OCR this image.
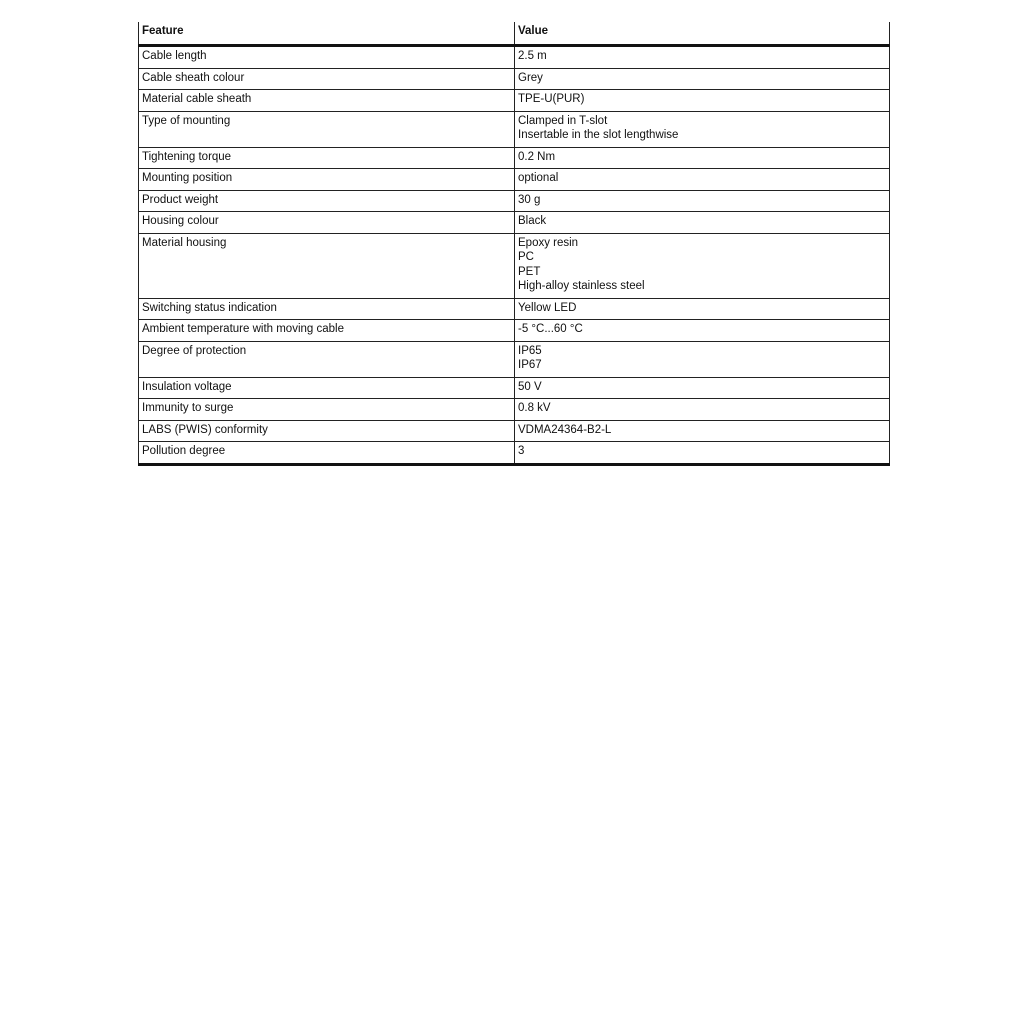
Feature	Value
Cable length	2.5 m

Cable sheath colour	Grey

Material cable sheath	TPE-U(PUR)

Type of mounting	Clamped in T-slot
Insertable in the slot lengthwise

Tightening torque	0.2 Nm

Mounting position	optional

Product weight	30 g

Housing colour	Black

Material housing	Epoxy resin
PC
PET
High-alloy stainless steel

Switching status indication	Yellow LED

Ambient temperature with moving cable	-5 °C...60 °C

Degree of protection	IP65
IP67

Insulation voltage	50 V

Immunity to surge	0.8 kV

LABS (PWIS) conformity	VDMA24364-B2-L

Pollution degree	3
